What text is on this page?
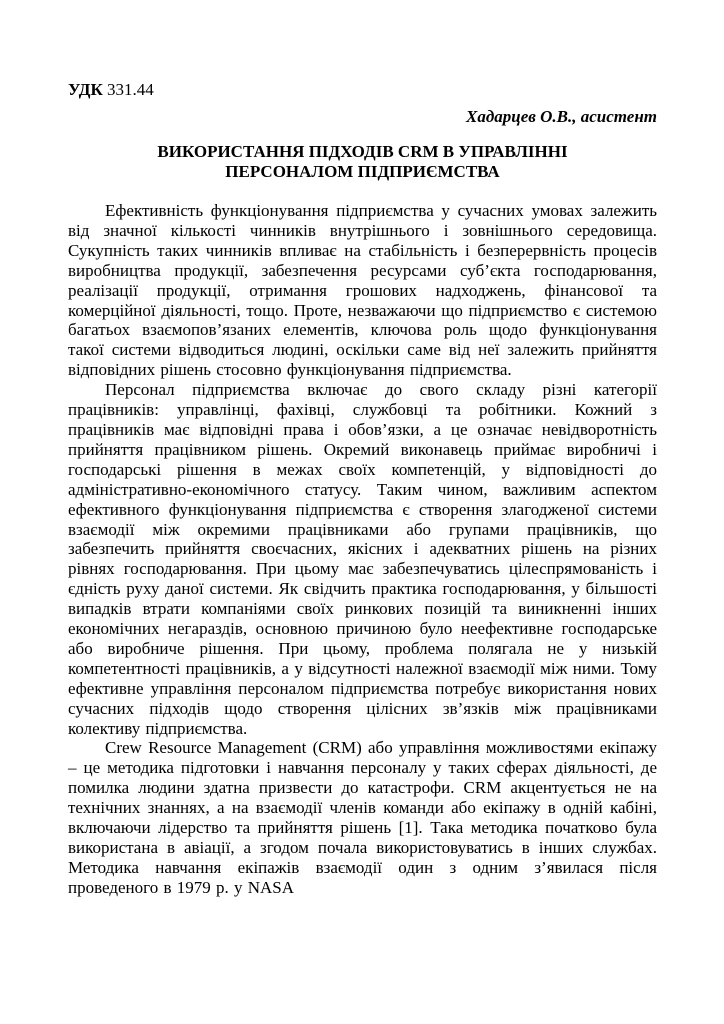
УДК 331.44
Хадарцев О.В., асистент
ВИКОРИСТАННЯ ПІДХОДІВ CRM В УПРАВЛІННІ
ПЕРСОНАЛОМ ПІДПРИЄМСТВА

Ефективність функціонування підприємства у сучасних умовах залежить від значної кількості чинників внутрішнього і зовнішнього середовища. Сукупність таких чинників впливає на стабільність і безперервність процесів виробництва продукції, забезпечення ресурсами суб’єкта господарювання, реалізації продукції, отримання грошових надходжень, фінансової та комерційної діяльності, тощо. Проте, незважаючи що підприємство є системою багатьох взаємопов’язаних елементів, ключова роль щодо функціонування такої системи відводиться людині, оскільки саме від неї залежить прийняття відповідних рішень стосовно функціонування підприємства.

Персонал підприємства включає до свого складу різні категорії працівників: управлінці, фахівці, службовці та робітники. Кожний з працівників має відповідні права і обов’язки, а це означає невідворотність прийняття працівником рішень. Окремий виконавець приймає виробничі і господарські рішення в межах своїх компетенцій, у відповідності до адміністративно-економічного статусу. Таким чином, важливим аспектом ефективного функціонування підприємства є створення злагодженої системи взаємодії між окремими працівниками або групами працівників, що забезпечить прийняття своєчасних, якісних і адекватних рішень на різних рівнях господарювання. При цьому має забезпечуватись цілеспрямованість і єдність руху даної системи. Як свідчить практика господарювання, у більшості випадків втрати компаніями своїх ринкових позицій та виникненні інших економічних негараздів, основною причиною було неефективне господарське або виробниче рішення. При цьому, проблема полягала не у низькій компетентності працівників, а у відсутності належної взаємодії між ними. Тому ефективне управління персоналом підприємства потребує використання нових сучасних підходів щодо створення цілісних зв’язків між працівниками колективу підприємства.

Crew Resource Management (CRM) або управління можливостями екіпажу – це методика підготовки і навчання персоналу у таких сферах діяльності, де помилка людини здатна призвести до катастрофи. CRM акцентується не на технічних знаннях, а на взаємодії членів команди або екіпажу в одній кабіні, включаючи лідерство та прийняття рішень [1]. Така методика початково була використана в авіації, а згодом почала використовуватись в інших службах. Методика навчання екіпажів взаємодії один з одним з’явилася після проведеного в 1979 р. у NASA
